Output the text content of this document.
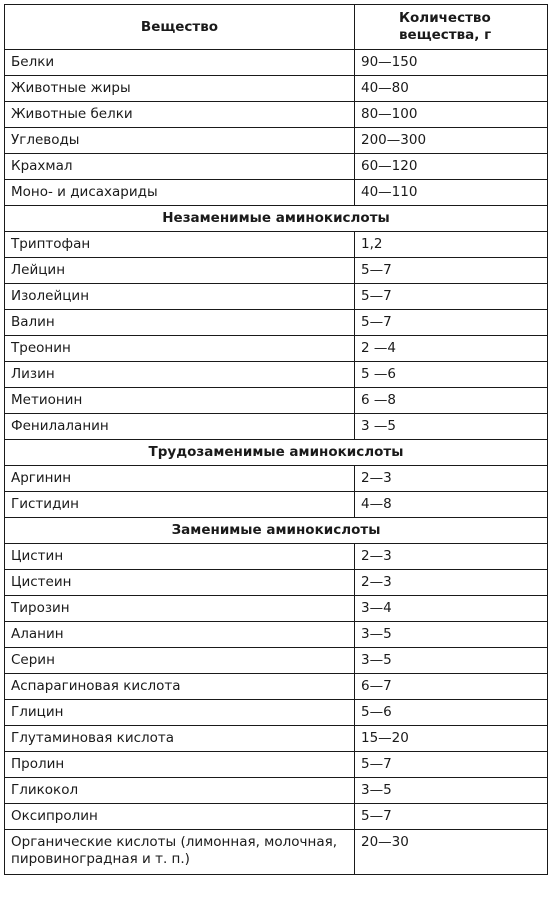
Вещество	Количество вещества, г
Белки	90—150
Животные жиры	40—80
Животные белки	80—100
Углеводы	200—300
Крахмал	60—120
Моно- и дисахариды	40—110
Незаменимые аминокислоты	
Триптофан	1,2
Лейцин	5—7
Изолейцин	5—7
Валин	5—7
Треонин	2 —4
Лизин	5 —6
Метионин	6 —8
Фенилаланин	3 —5
Трудозаменимые аминокислоты	
Аргинин	2—3
Гистидин	4—8
Заменимые аминокислоты	
Цистин	2—3
Цистеин	2—3
Тирозин	3—4
Аланин	3—5
Серин	3—5
Аспарагиновая кислота	6—7
Глицин	5—6
Глутаминовая кислота	15—20
Пролин	5—7
Гликокол	3—5
Оксипролин	5—7
Органические кислоты (лимонная, молочная, пировиноградная и т. п.)	20—30
